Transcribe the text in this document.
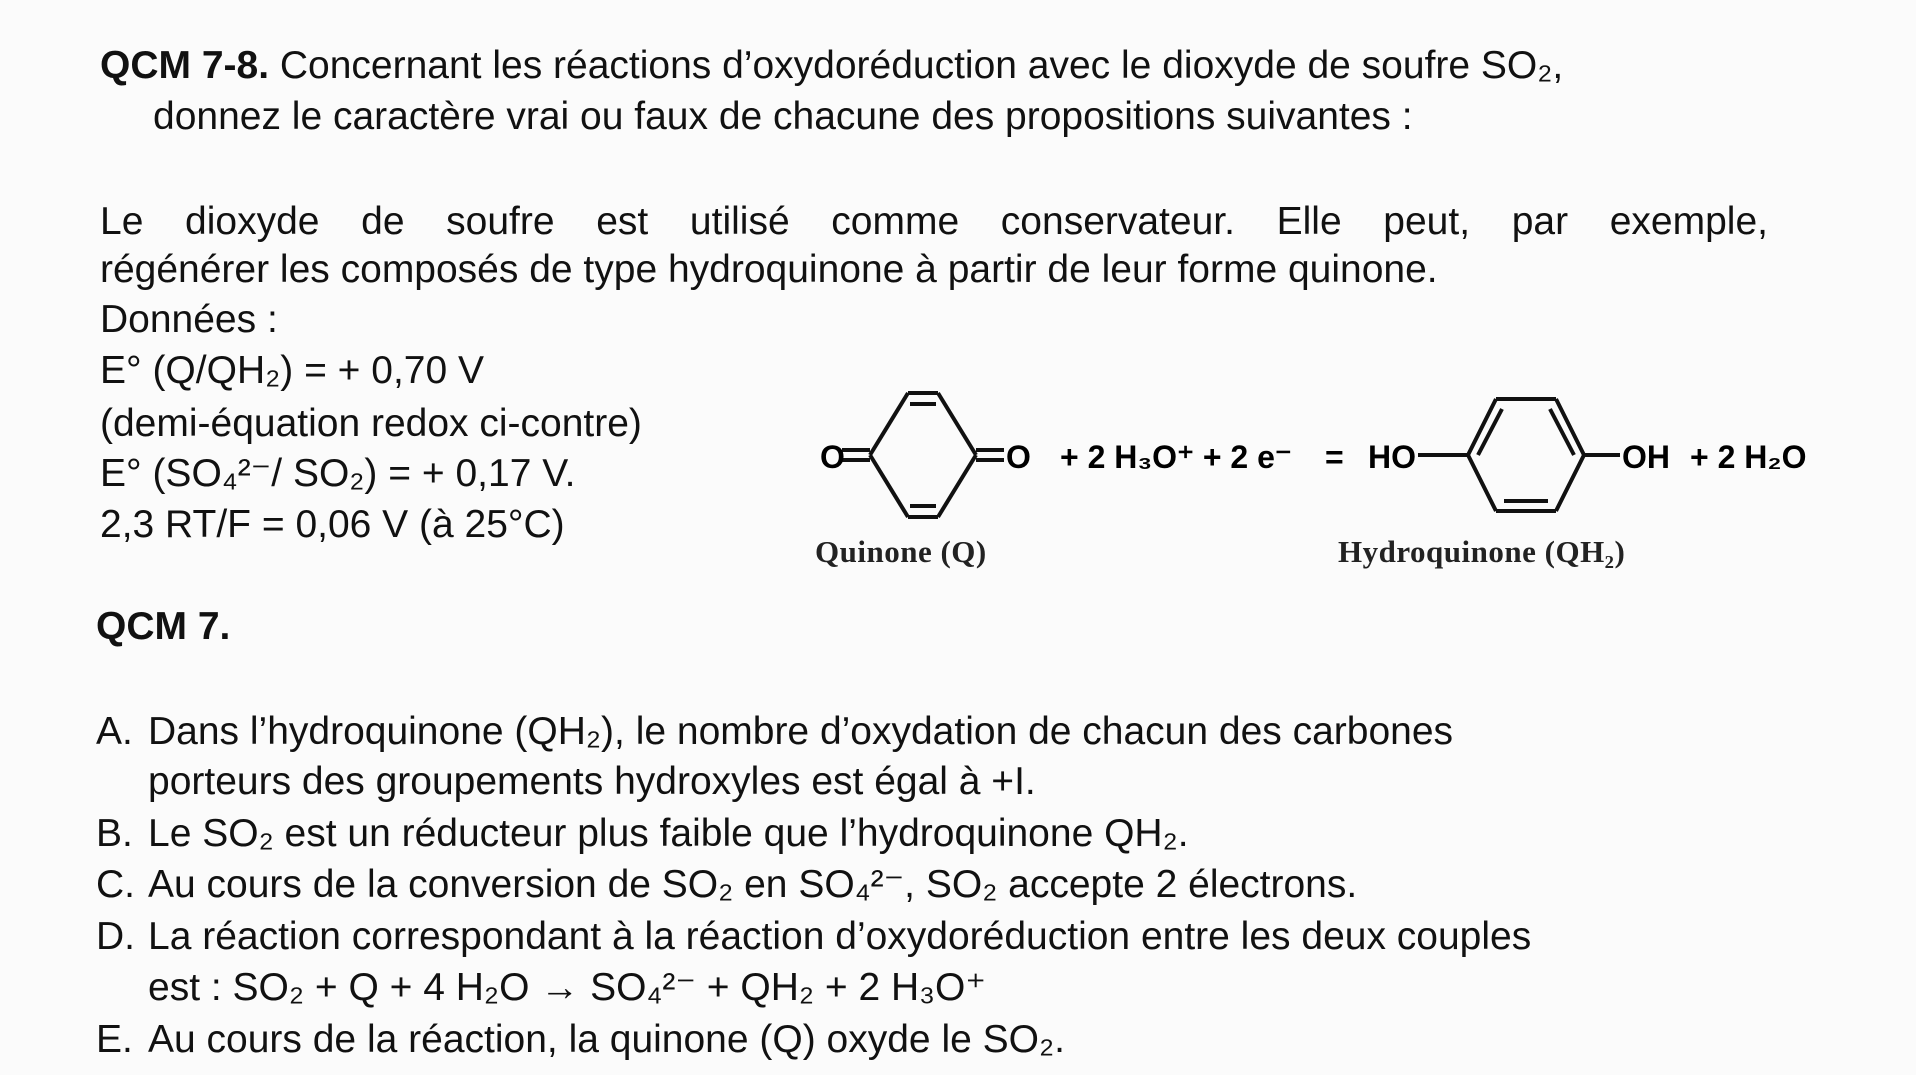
QCM 7-8. Concernant les réactions d’oxydoréduction avec le dioxyde de soufre SO₂,
donnez le caractère vrai ou faux de chacune des propositions suivantes :
Le dioxyde de soufre est utilisé comme conservateur. Elle peut, par exemple,
régénérer les composés de type hydroquinone à partir de leur forme quinone.
Données :
E° (Q/QH₂) = + 0,70 V
(demi-équation redox ci-contre)
E° (SO₄²⁻/ SO₂) = + 0,17 V.
2,3 RT/F = 0,06 V (à 25°C)
O	O + 2 H₃O⁺ + 2 e⁻ = HO	OH + 2 H₂O
Quinone (Q)	Hydroquinone (QH₂)
QCM 7.
A. Dans l’hydroquinone (QH₂), le nombre d’oxydation de chacun des carbones
porteurs des groupements hydroxyles est égal à +I.
B. Le SO₂ est un réducteur plus faible que l’hydroquinone QH₂.
C. Au cours de la conversion de SO₂ en SO₄²⁻, SO₂ accepte 2 électrons.
D. La réaction correspondant à la réaction d’oxydoréduction entre les deux couples
est : SO₂ + Q + 4 H₂O → SO₄²⁻ + QH₂ + 2 H₃O⁺
E. Au cours de la réaction, la quinone (Q) oxyde le SO₂.
